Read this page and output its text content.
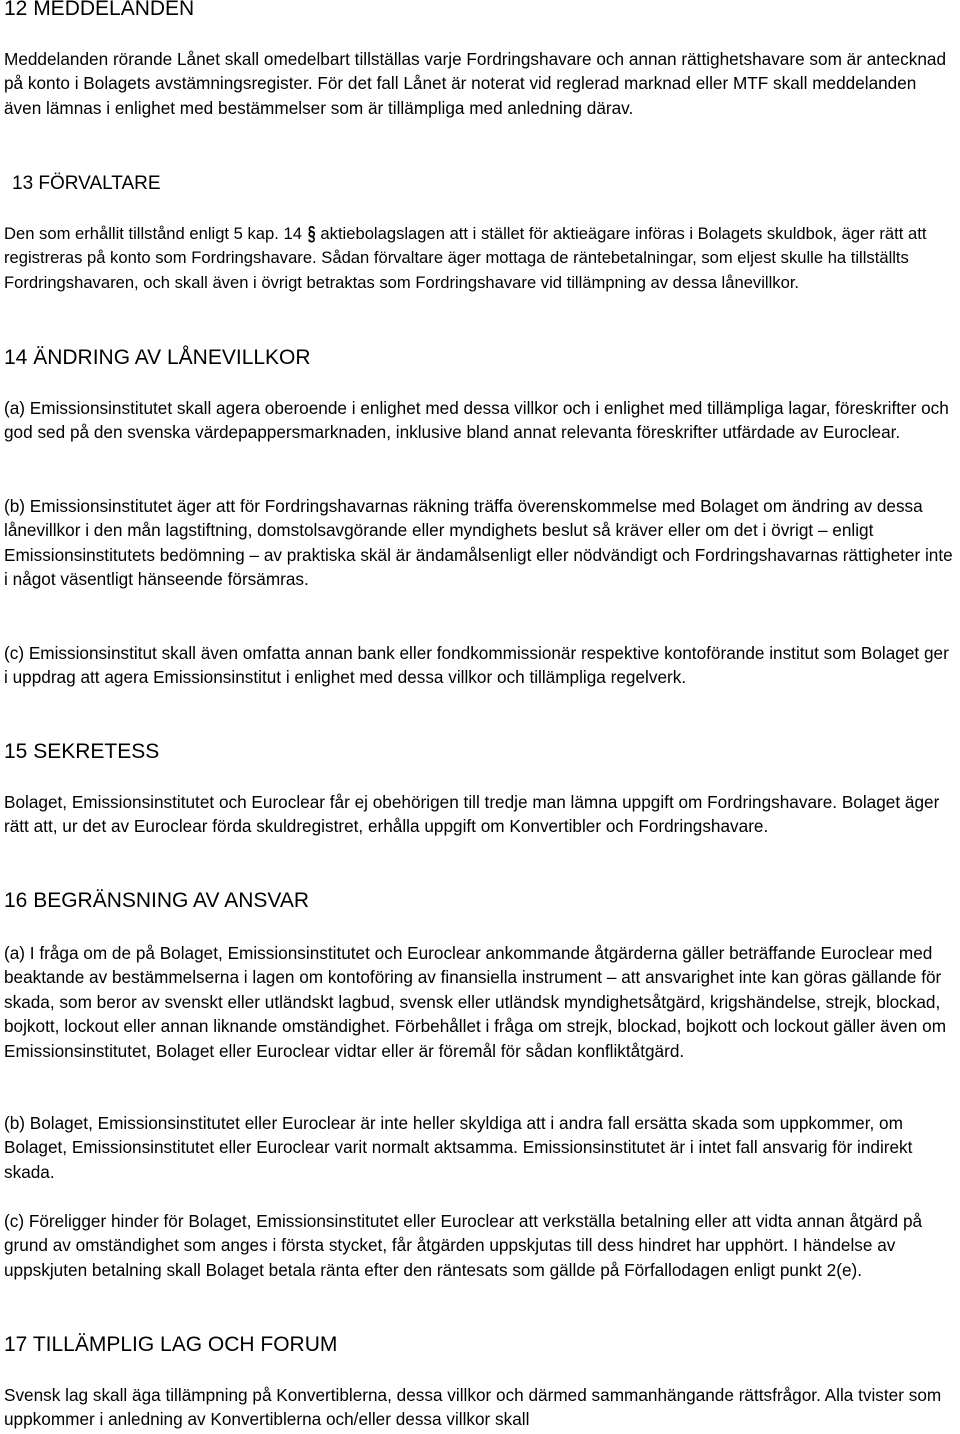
12 MEDDELANDEN

Meddelanden rörande Lånet skall omedelbart tillställas varje Fordringshavare och annan rättighetshavare som är antecknad på konto i Bolagets avstämningsregister. För det fall Lånet är noterat vid reglerad marknad eller MTF skall meddelanden även lämnas i enlighet med bestämmelser som är tillämpliga med anledning därav.

13 FÖRVALTARE

Den som erhållit tillstånd enligt 5 kap. 14 § aktiebolagslagen att i stället för aktieägare införas i Bolagets skuldbok, äger rätt att registreras på konto som Fordringshavare. Sådan förvaltare äger mottaga de räntebetalningar, som eljest skulle ha tillställts Fordringshavaren, och skall även i övrigt betraktas som Fordringshavare vid tillämpning av dessa lånevillkor.

14 ÄNDRING AV LÅNEVILLKOR

(a) Emissionsinstitutet skall agera oberoende i enlighet med dessa villkor och i enlighet med tillämpliga lagar, föreskrifter och god sed på den svenska värdepappersmarknaden, inklusive bland annat relevanta föreskrifter utfärdade av Euroclear.

(b) Emissionsinstitutet äger att för Fordringshavarnas räkning träffa överenskommelse med Bolaget om ändring av dessa lånevillkor i den mån lagstiftning, domstolsavgörande eller myndighets beslut så kräver eller om det i övrigt – enligt Emissionsinstitutets bedömning – av praktiska skäl är ändamålsenligt eller nödvändigt och Fordringshavarnas rättigheter inte i något väsentligt hänseende försämras.

(c) Emissionsinstitut skall även omfatta annan bank eller fondkommissionär respektive kontoförande institut som Bolaget ger i uppdrag att agera Emissionsinstitut i enlighet med dessa villkor och tillämpliga regelverk.

15 SEKRETESS

Bolaget, Emissionsinstitutet och Euroclear får ej obehörigen till tredje man lämna uppgift om Fordringshavare. Bolaget äger rätt att, ur det av Euroclear förda skuldregistret, erhålla uppgift om Konvertibler och Fordringshavare.

16 BEGRÄNSNING AV ANSVAR

(a) I fråga om de på Bolaget, Emissionsinstitutet och Euroclear ankommande åtgärderna gäller beträffande Euroclear med beaktande av bestämmelserna i lagen om kontoföring av finansiella instrument – att ansvarighet inte kan göras gällande för skada, som beror av svenskt eller utländskt lagbud, svensk eller utländsk myndighetsåtgärd, krigshändelse, strejk, blockad, bojkott, lockout eller annan liknande omständighet. Förbehållet i fråga om strejk, blockad, bojkott och lockout gäller även om Emissionsinstitutet, Bolaget eller Euroclear vidtar eller är föremål för sådan konfliktåtgärd.

(b) Bolaget, Emissionsinstitutet eller Euroclear är inte heller skyldiga att i andra fall ersätta skada som uppkommer, om Bolaget, Emissionsinstitutet eller Euroclear varit normalt aktsamma. Emissionsinstitutet är i intet fall ansvarig för indirekt skada.

(c) Föreligger hinder för Bolaget, Emissionsinstitutet eller Euroclear att verkställa betalning eller att vidta annan åtgärd på grund av omständighet som anges i första stycket, får åtgärden uppskjutas till dess hindret har upphört. I händelse av uppskjuten betalning skall Bolaget betala ränta efter den räntesats som gällde på Förfallodagen enligt punkt 2(e).

17 TILLÄMPLIG LAG OCH FORUM

Svensk lag skall äga tillämpning på Konvertiblerna, dessa villkor och därmed sammanhängande rättsfrågor. Alla tvister som uppkommer i anledning av Konvertiblerna och/eller dessa villkor skall
